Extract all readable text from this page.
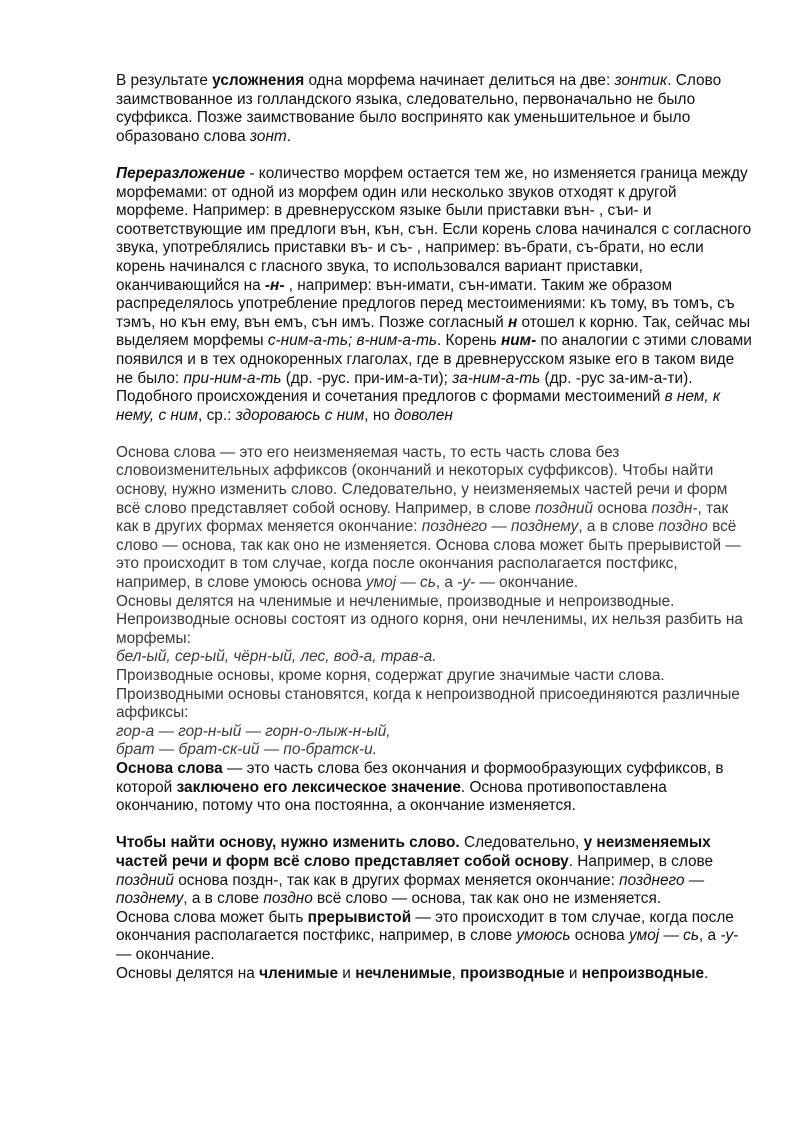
В результате усложнения одна морфема начинает делиться на две: зонтик. Слово заимствованное из голландского языка, следовательно, первоначально не было суффикса. Позже заимствование было воспринято как уменьшительное и было образовано слова зонт.

Переразложение - количество морфем остается тем же, но изменяется граница между морфемами: от одной из морфем один или несколько звуков отходят к другой морфеме. Например: в древнерусском языке были приставки вън- , съи- и соответствующие им предлоги вън, кън, сън. Если корень слова начинался с согласного звука, употреблялись приставки въ- и съ- , например: въ-брати, съ-брати, но если корень начинался с гласного звука, то использовался вариант приставки, оканчивающийся на -н- , например: вън-имати, сън-имати. Таким же образом распределялось употребление предлогов перед местоимениями: къ тому, въ томъ, съ тэмъ, но кън ему, вън емъ, сън имъ. Позже согласный н отошел к корню. Так, сейчас мы выделяем морфемы с-ним-а-ть; в-ним-а-ть. Корень ним- по аналогии с этими словами появился и в тех однокоренных глаголах, где в древнерусском языке его в таком виде не было: при-ним-а-ть (др. -рус. при-им-а-ти); за-ним-а-ть (др. -рус за-им-а-ти). Подобного происхождения и сочетания предлогов с формами местоимений в нем, к нему, с ним, ср.: здороваюсь с ним, но доволен

Основа слова — это его неизменяемая часть, то есть часть слова без словоизменительных аффиксов (окончаний и некоторых суффиксов). Чтобы найти основу, нужно изменить слово. Следовательно, у неизменяемых частей речи и форм всё слово представляет собой основу. Например, в слове поздний основа поздн-, так как в других формах меняется окончание: позднего — позднему, а в слове поздно всё слово — основа, так как оно не изменяется. Основа слова может быть прерывистой — это происходит в том случае, когда после окончания располагается постфикс, например, в слове умоюсь основа умој — сь, а -у- — окончание.

Основы делятся на членимые и нечленимые, производные и непроизводные. Непроизводные основы состоят из одного корня, они нечленимы, их нельзя разбить на морфемы:

бел-ый, сер-ый, чёрн-ый, лес, вод-а, трав-а.

Производные основы, кроме корня, содержат другие значимые части слова. Производными основы становятся, когда к непроизводной присоединяются различные аффиксы:

гор-а — гор-н-ый — горн-о-лыж-н-ый,

брат — брат-ск-ий — по-братск-и.

Основа слова — это часть слова без окончания и формообразующих суффиксов, в которой заключено его лексическое значение. Основа противопоставлена окончанию, потому что она постоянна, а окончание изменяется.

Чтобы найти основу, нужно изменить слово. Следовательно, у неизменяемых частей речи и форм всё слово представляет собой основу. Например, в слове поздний основа поздн-, так как в других формах меняется окончание: позднего — позднему, а в слове поздно всё слово — основа, так как оно не изменяется.

Основа слова может быть прерывистой — это происходит в том случае, когда после окончания располагается постфикс, например, в слове умоюсь основа умој — сь, а -у- — окончание.

Основы делятся на членимые и нечленимые, производные и непроизводные.
